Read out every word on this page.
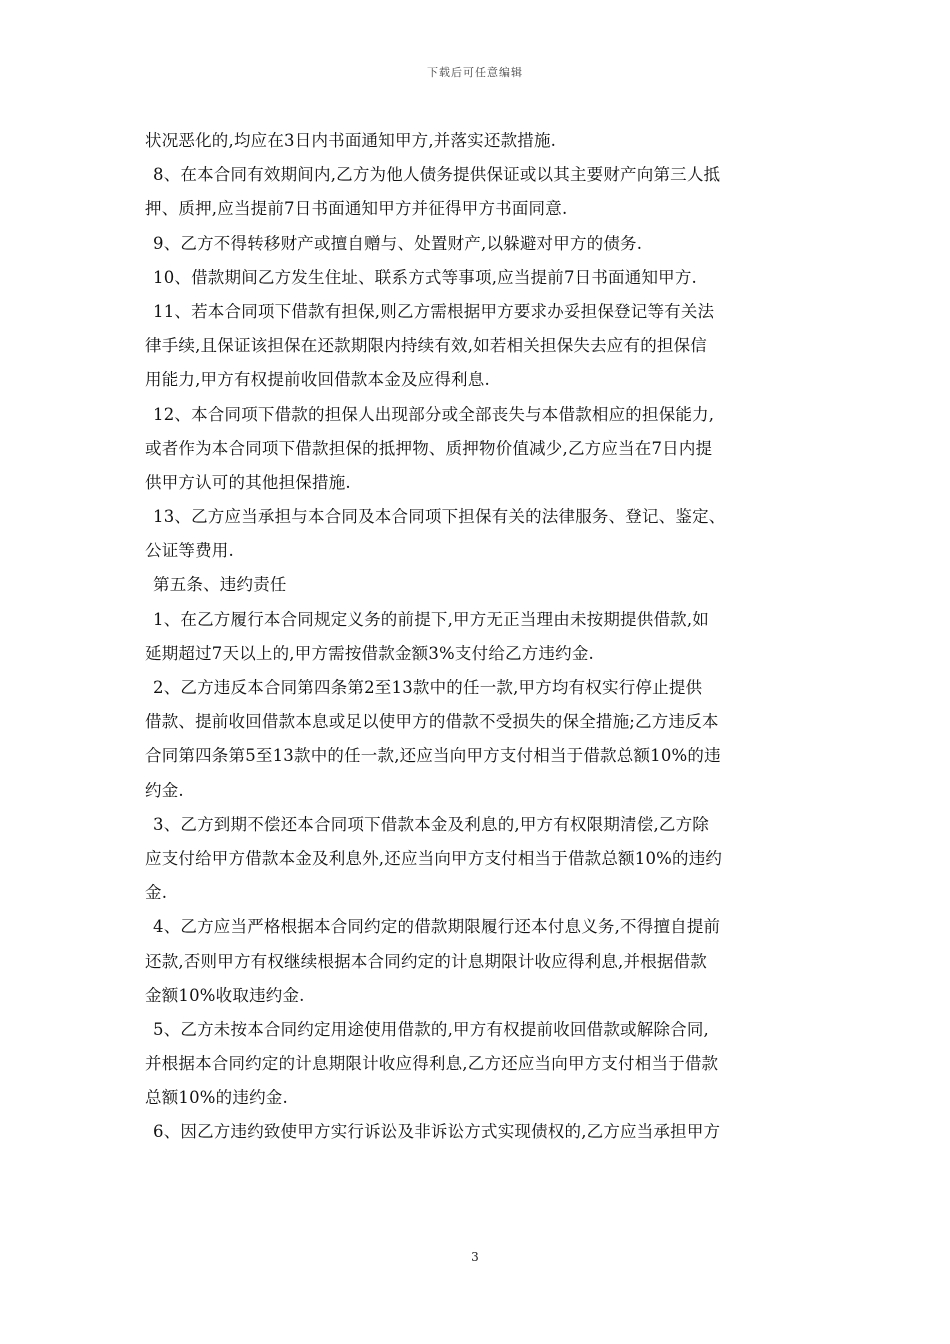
下载后可任意编辑
状况恶化的,均应在3日内书面通知甲方,并落实还款措施.
8、在本合同有效期间内,乙方为他人债务提供保证或以其主要财产向第三人抵
押、质押,应当提前7日书面通知甲方并征得甲方书面同意.
9、乙方不得转移财产或擅自赠与、处置财产,以躲避对甲方的债务.
10、借款期间乙方发生住址、联系方式等事项,应当提前7日书面通知甲方.
11、若本合同项下借款有担保,则乙方需根据甲方要求办妥担保登记等有关法
律手续,且保证该担保在还款期限内持续有效,如若相关担保失去应有的担保信
用能力,甲方有权提前收回借款本金及应得利息.
12、本合同项下借款的担保人出现部分或全部丧失与本借款相应的担保能力,
或者作为本合同项下借款担保的抵押物、质押物价值减少,乙方应当在7日内提
供甲方认可的其他担保措施.
13、乙方应当承担与本合同及本合同项下担保有关的法律服务、登记、鉴定、
公证等费用.
第五条、违约责任
1、在乙方履行本合同规定义务的前提下,甲方无正当理由未按期提供借款,如
延期超过7天以上的,甲方需按借款金额3%支付给乙方违约金.
2、乙方违反本合同第四条第2至13款中的任一款,甲方均有权实行停止提供
借款、提前收回借款本息或足以使甲方的借款不受损失的保全措施;乙方违反本
合同第四条第5至13款中的任一款,还应当向甲方支付相当于借款总额10%的违
约金.
3、乙方到期不偿还本合同项下借款本金及利息的,甲方有权限期清偿,乙方除
应支付给甲方借款本金及利息外,还应当向甲方支付相当于借款总额10%的违约
金.
4、乙方应当严格根据本合同约定的借款期限履行还本付息义务,不得擅自提前
还款,否则甲方有权继续根据本合同约定的计息期限计收应得利息,并根据借款
金额10%收取违约金.
5、乙方未按本合同约定用途使用借款的,甲方有权提前收回借款或解除合同,
并根据本合同约定的计息期限计收应得利息,乙方还应当向甲方支付相当于借款
总额10%的违约金.
6、因乙方违约致使甲方实行诉讼及非诉讼方式实现债权的,乙方应当承担甲方
3
